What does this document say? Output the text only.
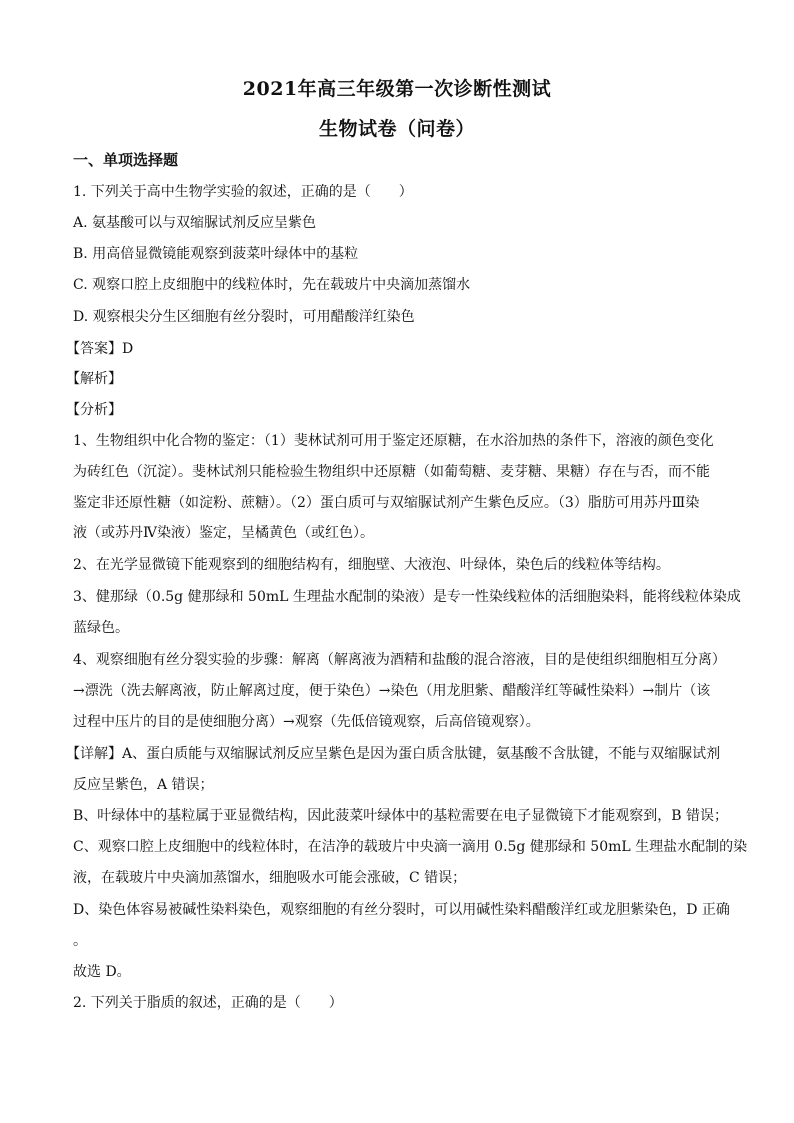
2021年高三年级第一次诊断性测试
生物试卷（问卷）
一、单项选择题
1. 下列关于高中生物学实验的叙述，正确的是（　　）
A. 氨基酸可以与双缩脲试剂反应呈紫色
B. 用高倍显微镜能观察到菠菜叶绿体中的基粒
C. 观察口腔上皮细胞中的线粒体时，先在载玻片中央滴加蒸馏水
D. 观察根尖分生区细胞有丝分裂时，可用醋酸洋红染色
【答案】D
【解析】
【分析】
1、生物组织中化合物的鉴定：（1）斐林试剂可用于鉴定还原糖，在水浴加热的条件下，溶液的颜色变化
为砖红色（沉淀）。斐林试剂只能检验生物组织中还原糖（如葡萄糖、麦芽糖、果糖）存在与否，而不能
鉴定非还原性糖（如淀粉、蔗糖）。（2）蛋白质可与双缩脲试剂产生紫色反应。（3）脂肪可用苏丹Ⅲ染
液（或苏丹Ⅳ染液）鉴定，呈橘黄色（或红色）。
2、在光学显微镜下能观察到的细胞结构有，细胞壁、大液泡、叶绿体，染色后的线粒体等结构。
3、健那绿（0.5g 健那绿和 50mL 生理盐水配制的染液）是专一性染线粒体的活细胞染料，能将线粒体染成
蓝绿色。
4、观察细胞有丝分裂实验的步骤：解离（解离液为酒精和盐酸的混合溶液，目的是使组织细胞相互分离）
→漂洗（洗去解离液，防止解离过度，便于染色）→染色（用龙胆紫、醋酸洋红等碱性染料）→制片（该
过程中压片的目的是使细胞分离）→观察（先低倍镜观察，后高倍镜观察）。
【详解】A、蛋白质能与双缩脲试剂反应呈紫色是因为蛋白质含肽键，氨基酸不含肽键，不能与双缩脲试剂
反应呈紫色，A 错误；
B、叶绿体中的基粒属于亚显微结构，因此菠菜叶绿体中的基粒需要在电子显微镜下才能观察到，B 错误；
C、观察口腔上皮细胞中的线粒体时，在洁净的载玻片中央滴一滴用 0.5g 健那绿和 50mL 生理盐水配制的染
液，在载玻片中央滴加蒸馏水，细胞吸水可能会涨破，C 错误；
D、染色体容易被碱性染料染色，观察细胞的有丝分裂时，可以用碱性染料醋酸洋红或龙胆紫染色，D 正确
。
故选 D。
2. 下列关于脂质的叙述，正确的是（　　）
